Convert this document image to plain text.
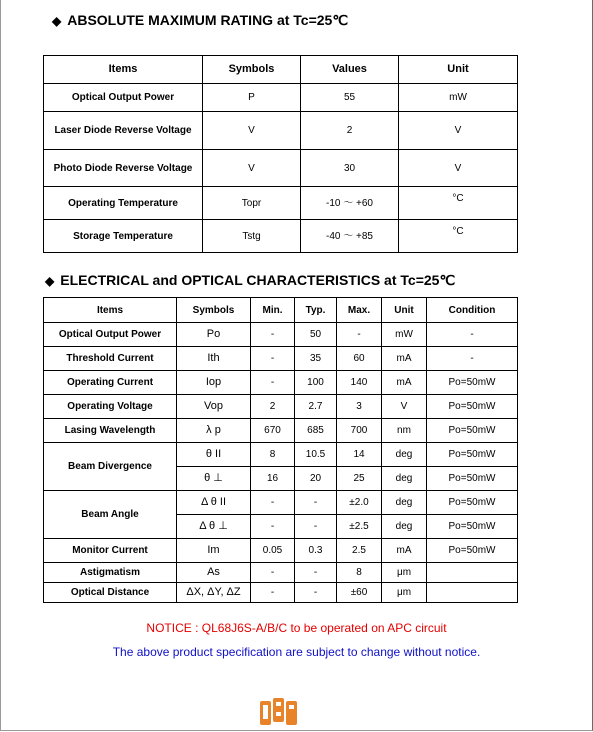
◆ ABSOLUTE MAXIMUM RATING at Tc=25℃
Items	Symbols	Values	Unit
Optical Output Power	P	55	mW
Laser Diode Reverse Voltage	V	2	V
Photo Diode Reverse Voltage	V	30	V
Operating Temperature	Topr	-10 ～ +60	°C
Storage Temperature	Tstg	-40 ～ +85	°C
◆ ELECTRICAL and OPTICAL CHARACTERISTICS at Tc=25℃
Items	Symbols	Min.	Typ.	Max.	Unit	Condition
Optical Output Power	Po	-	50	-	mW	-
Threshold Current	Ith	-	35	60	mA	-
Operating Current	Iop	-	100	140	mA	Po=50mW
Operating Voltage	Vop	2	2.7	3	V	Po=50mW
Lasing Wavelength	λ p	670	685	700	nm	Po=50mW
Beam Divergence	θ II	8	10.5	14	deg	Po=50mW
	θ ⊥	16	20	25	deg	Po=50mW
Beam Angle	Δ θ II	-	-	±2.0	deg	Po=50mW
	Δ θ ⊥	-	-	±2.5	deg	Po=50mW
Monitor Current	Im	0.05	0.3	2.5	mA	Po=50mW
Astigmatism	As	-	-	8	μm	
Optical Distance	ΔX, ΔY, ΔZ	-	-	±60	μm	
NOTICE : QL68J6S-A/B/C to be operated on APC circuit
The above product specification are subject to change without notice.
